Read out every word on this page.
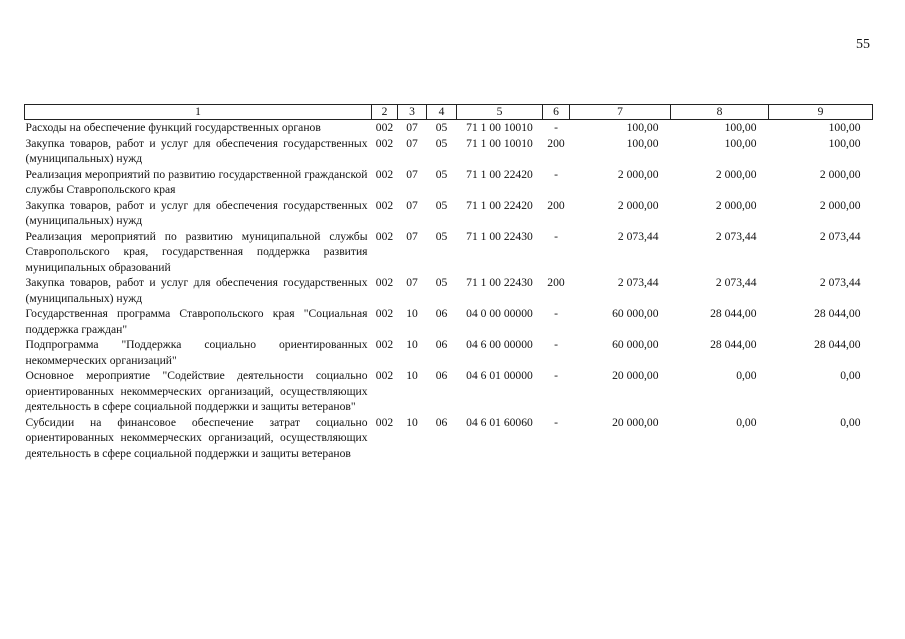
55
1	2	3	4	5	6	7	8	9
Расходы на обеспечение функций государственных органов	002	07	05	71 1 00 10010	-	100,00	100,00	100,00
Закупка товаров, работ и услуг для обеспечения государственных (муниципальных) нужд	002	07	05	71 1 00 10010	200	100,00	100,00	100,00
Реализация мероприятий по развитию государственной гражданской службы Ставропольского края	002	07	05	71 1 00 22420	-	2 000,00	2 000,00	2 000,00
Закупка товаров, работ и услуг для обеспечения государственных (муниципальных) нужд	002	07	05	71 1 00 22420	200	2 000,00	2 000,00	2 000,00
Реализация мероприятий по развитию муниципальной службы Ставропольского края, государственная поддержка развития муниципальных образований	002	07	05	71 1 00 22430	-	2 073,44	2 073,44	2 073,44
Закупка товаров, работ и услуг для обеспечения государственных (муниципальных) нужд	002	07	05	71 1 00 22430	200	2 073,44	2 073,44	2 073,44
Государственная программа Ставропольского края "Социальная поддержка граждан"	002	10	06	04 0 00 00000	-	60 000,00	28 044,00	28 044,00
Подпрограмма "Поддержка социально ориентированных некоммерческих организаций"	002	10	06	04 6 00 00000	-	60 000,00	28 044,00	28 044,00
Основное мероприятие "Содействие деятельности социально ориентированных некоммерческих организаций, осуществляющих деятельность в сфере социальной поддержки и защиты ветеранов"	002	10	06	04 6 01 00000	-	20 000,00	0,00	0,00
Субсидии на финансовое обеспечение затрат социально ориентированных некоммерческих организаций, осуществляющих деятельность в сфере социальной поддержки и защиты ветеранов	002	10	06	04 6 01 60060	-	20 000,00	0,00	0,00
